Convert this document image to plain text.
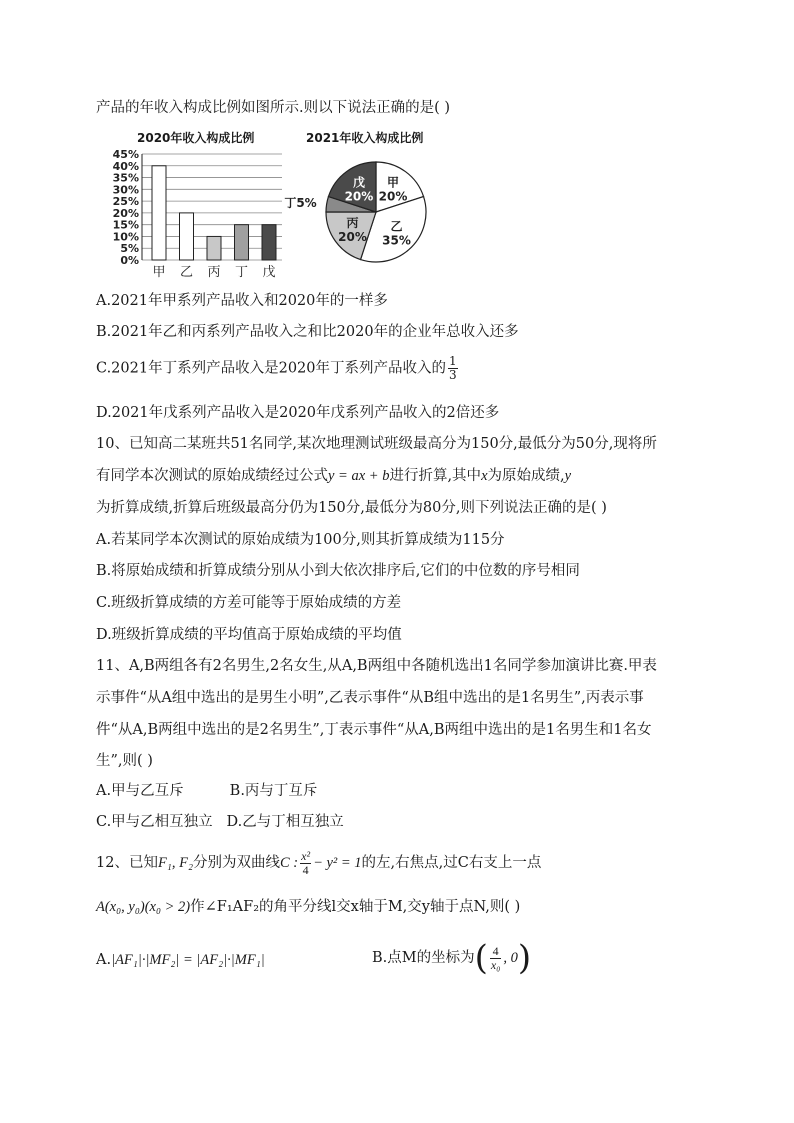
产品的年收入构成比例如图所示.则以下说法正确的是( )
2020年收入构成比例
0%
5%
10%
15%
20%
25%
30%
35%
40%
45%
甲 乙 丙 丁 戊
2021年收入构成比例
甲
20%
乙
35%
丙
20%
丁5%
戊
20%
A.2021年甲系列产品收入和2020年的一样多
B.2021年乙和丙系列产品收入之和比2020年的企业年总收入还多
C.2021年丁系列产品收入是2020年丁系列产品收入的 $\frac{1}{3}$
D.2021年戊系列产品收入是2020年戊系列产品收入的2倍还多
10、已知高二某班共51名同学,某次地理测试班级最高分为150分,最低分为50分,现将所
有同学本次测试的原始成绩经过公式y = ax + b进行折算,其中x为原始成绩,y
为折算成绩,折算后班级最高分仍为150分,最低分为80分,则下列说法正确的是( )
A.若某同学本次测试的原始成绩为100分,则其折算成绩为115分
B.将原始成绩和折算成绩分别从小到大依次排序后,它们的中位数的序号相同
C.班级折算成绩的方差可能等于原始成绩的方差
D.班级折算成绩的平均值高于原始成绩的平均值
11、A,B两组各有2名男生,2名女生,从A,B两组中各随机选出1名同学参加演讲比赛.甲表
示事件“从A组中选出的是男生小明”,乙表示事件“从B组中选出的是1名男生”,丙表示事
件“从A,B两组中选出的是2名男生”,丁表示事件“从A,B两组中选出的是1名男生和1名女
生”,则( )
A.甲与乙互斥          B.丙与丁互斥
C.甲与乙相互独立   D.乙与丁相互独立
12、已知F₁, F₂分别为双曲线C : $\frac{\text{x²}}{4} - y^2 = 1$的左,右焦点,过C右支上一点
A(x₀, y₀)(x₀ > 2)作∠F₁AF₂的角平分线l交x轴于M,交y轴于点N,则( )
A.|AF₁|·|MF₂| = |AF₂|·|MF₁|	B.点M的坐标为( $\frac{4}{\text{x₀}}$ , 0)
